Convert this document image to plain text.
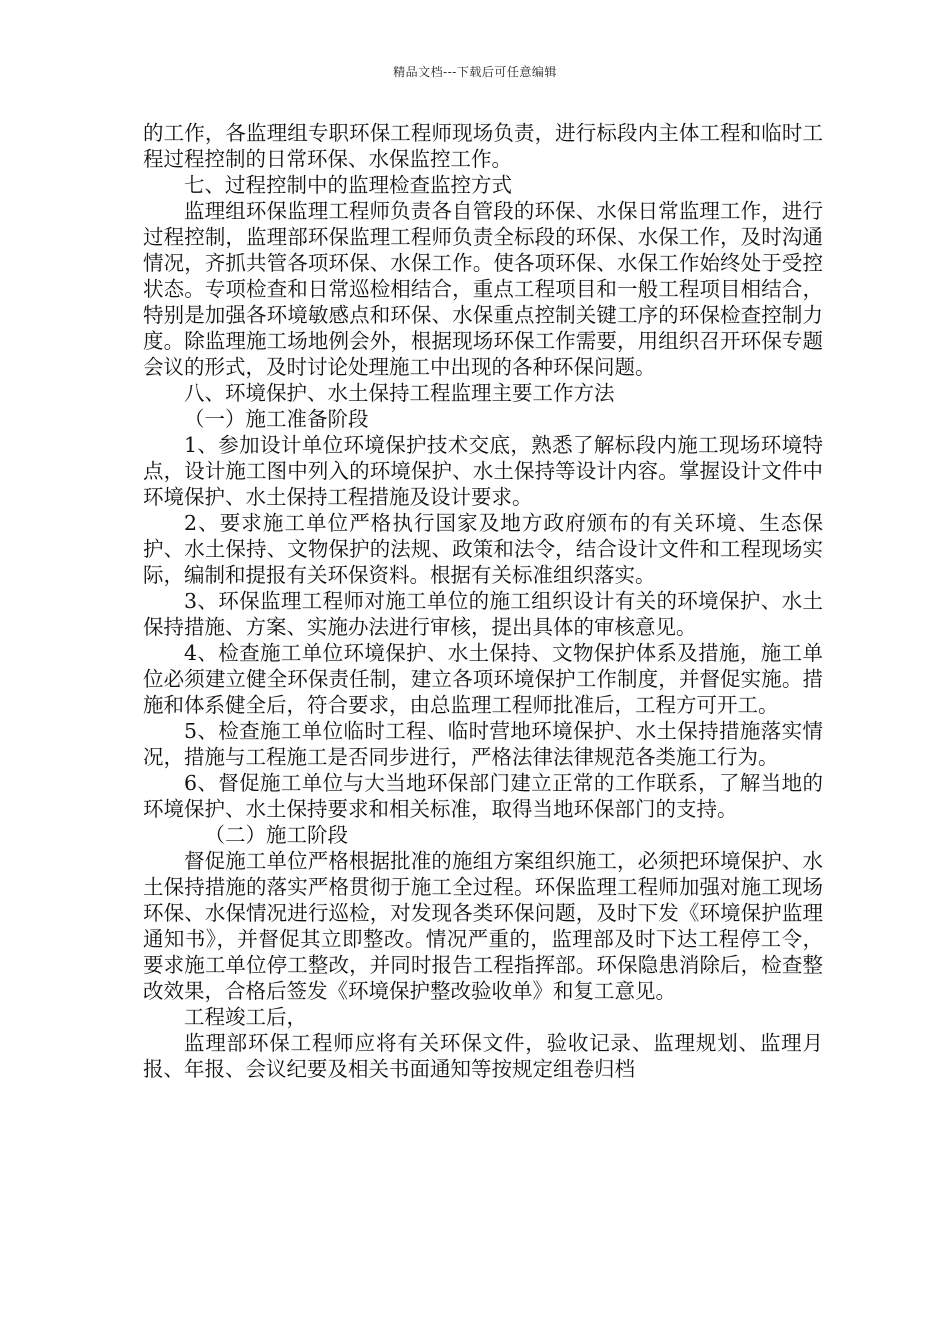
精品文档---下载后可任意编辑

的工作，各监理组专职环保工程师现场负责，进行标段内主体工程和临时工程过程控制的日常环保、水保监控工作。

七、过程控制中的监理检查监控方式

监理组环保监理工程师负责各自管段的环保、水保日常监理工作，进行过程控制，监理部环保监理工程师负责全标段的环保、水保工作，及时沟通情况，齐抓共管各项环保、水保工作。使各项环保、水保工作始终处于受控状态。专项检查和日常巡检相结合，重点工程项目和一般工程项目相结合，特别是加强各环境敏感点和环保、水保重点控制关键工序的环保检查控制力度。除监理施工场地例会外，根据现场环保工作需要，用组织召开环保专题会议的形式，及时讨论处理施工中出现的各种环保问题。

八、环境保护、水土保持工程监理主要工作方法

（一）施工准备阶段

1、参加设计单位环境保护技术交底，熟悉了解标段内施工现场环境特点，设计施工图中列入的环境保护、水土保持等设计内容。掌握设计文件中环境保护、水土保持工程措施及设计要求。

2、要求施工单位严格执行国家及地方政府颁布的有关环境、生态保护、水土保持、文物保护的法规、政策和法令，结合设计文件和工程现场实际，编制和提报有关环保资料。根据有关标准组织落实。

3、环保监理工程师对施工单位的施工组织设计有关的环境保护、水土保持措施、方案、实施办法进行审核，提出具体的审核意见。

4、检查施工单位环境保护、水土保持、文物保护体系及措施，施工单位必须建立健全环保责任制，建立各项环境保护工作制度，并督促实施。措施和体系健全后，符合要求，由总监理工程师批准后，工程方可开工。

5、检查施工单位临时工程、临时营地环境保护、水土保持措施落实情况，措施与工程施工是否同步进行，严格法律法律规范各类施工行为。

6、督促施工单位与大当地环保部门建立正常的工作联系，了解当地的环境保护、水土保持要求和相关标准，取得当地环保部门的支持。

（二）施工阶段

督促施工单位严格根据批准的施组方案组织施工，必须把环境保护、水土保持措施的落实严格贯彻于施工全过程。环保监理工程师加强对施工现场环保、水保情况进行巡检，对发现各类环保问题，及时下发《环境保护监理通知书》，并督促其立即整改。情况严重的，监理部及时下达工程停工令，要求施工单位停工整改，并同时报告工程指挥部。环保隐患消除后，检查整改效果，合格后签发《环境保护整改验收单》和复工意见。

工程竣工后，

监理部环保工程师应将有关环保文件，验收记录、监理规划、监理月报、年报、会议纪要及相关书面通知等按规定组卷归档
